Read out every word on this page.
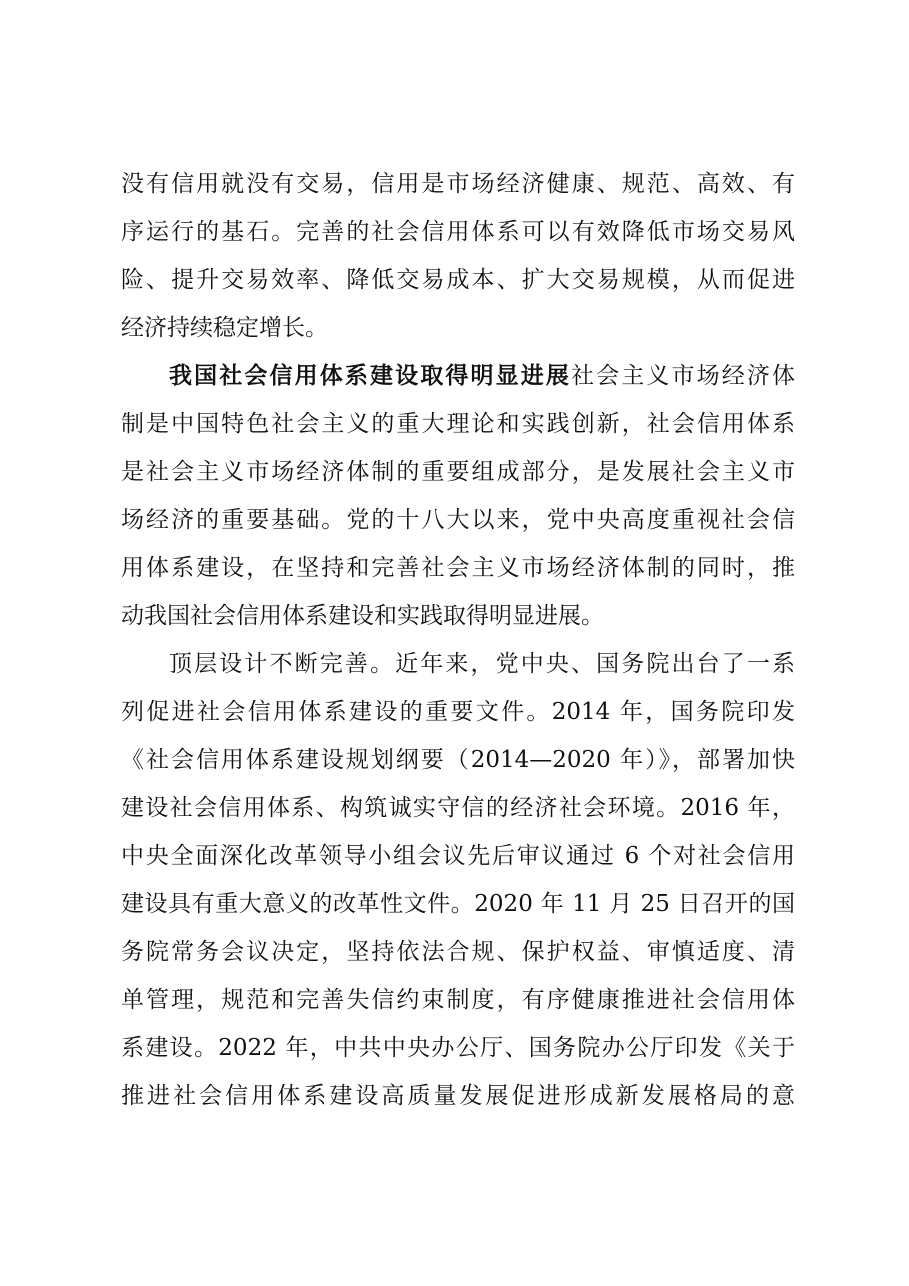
没有信用就没有交易，信用是市场经济健康、规范、高效、有

序运行的基石。完善的社会信用体系可以有效降低市场交易风

险、提升交易效率、降低交易成本、扩大交易规模，从而促进

经济持续稳定增长。

我国社会信用体系建设取得明显进展社会主义市场经济体

制是中国特色社会主义的重大理论和实践创新，社会信用体系

是社会主义市场经济体制的重要组成部分，是发展社会主义市

场经济的重要基础。党的十八大以来，党中央高度重视社会信

用体系建设，在坚持和完善社会主义市场经济体制的同时，推

动我国社会信用体系建设和实践取得明显进展。

顶层设计不断完善。近年来，党中央、国务院出台了一系

列促进社会信用体系建设的重要文件。2014 年，国务院印发

《社会信用体系建设规划纲要（2014—2020 年）》，部署加快

建设社会信用体系、构筑诚实守信的经济社会环境。2016 年，

中央全面深化改革领导小组会议先后审议通过 6 个对社会信用

建设具有重大意义的改革性文件。2020 年 11 月 25 日召开的国

务院常务会议决定，坚持依法合规、保护权益、审慎适度、清

单管理，规范和完善失信约束制度，有序健康推进社会信用体

系建设。2022 年，中共中央办公厅、国务院办公厅印发《关于

推进社会信用体系建设高质量发展促进形成新发展格局的意
